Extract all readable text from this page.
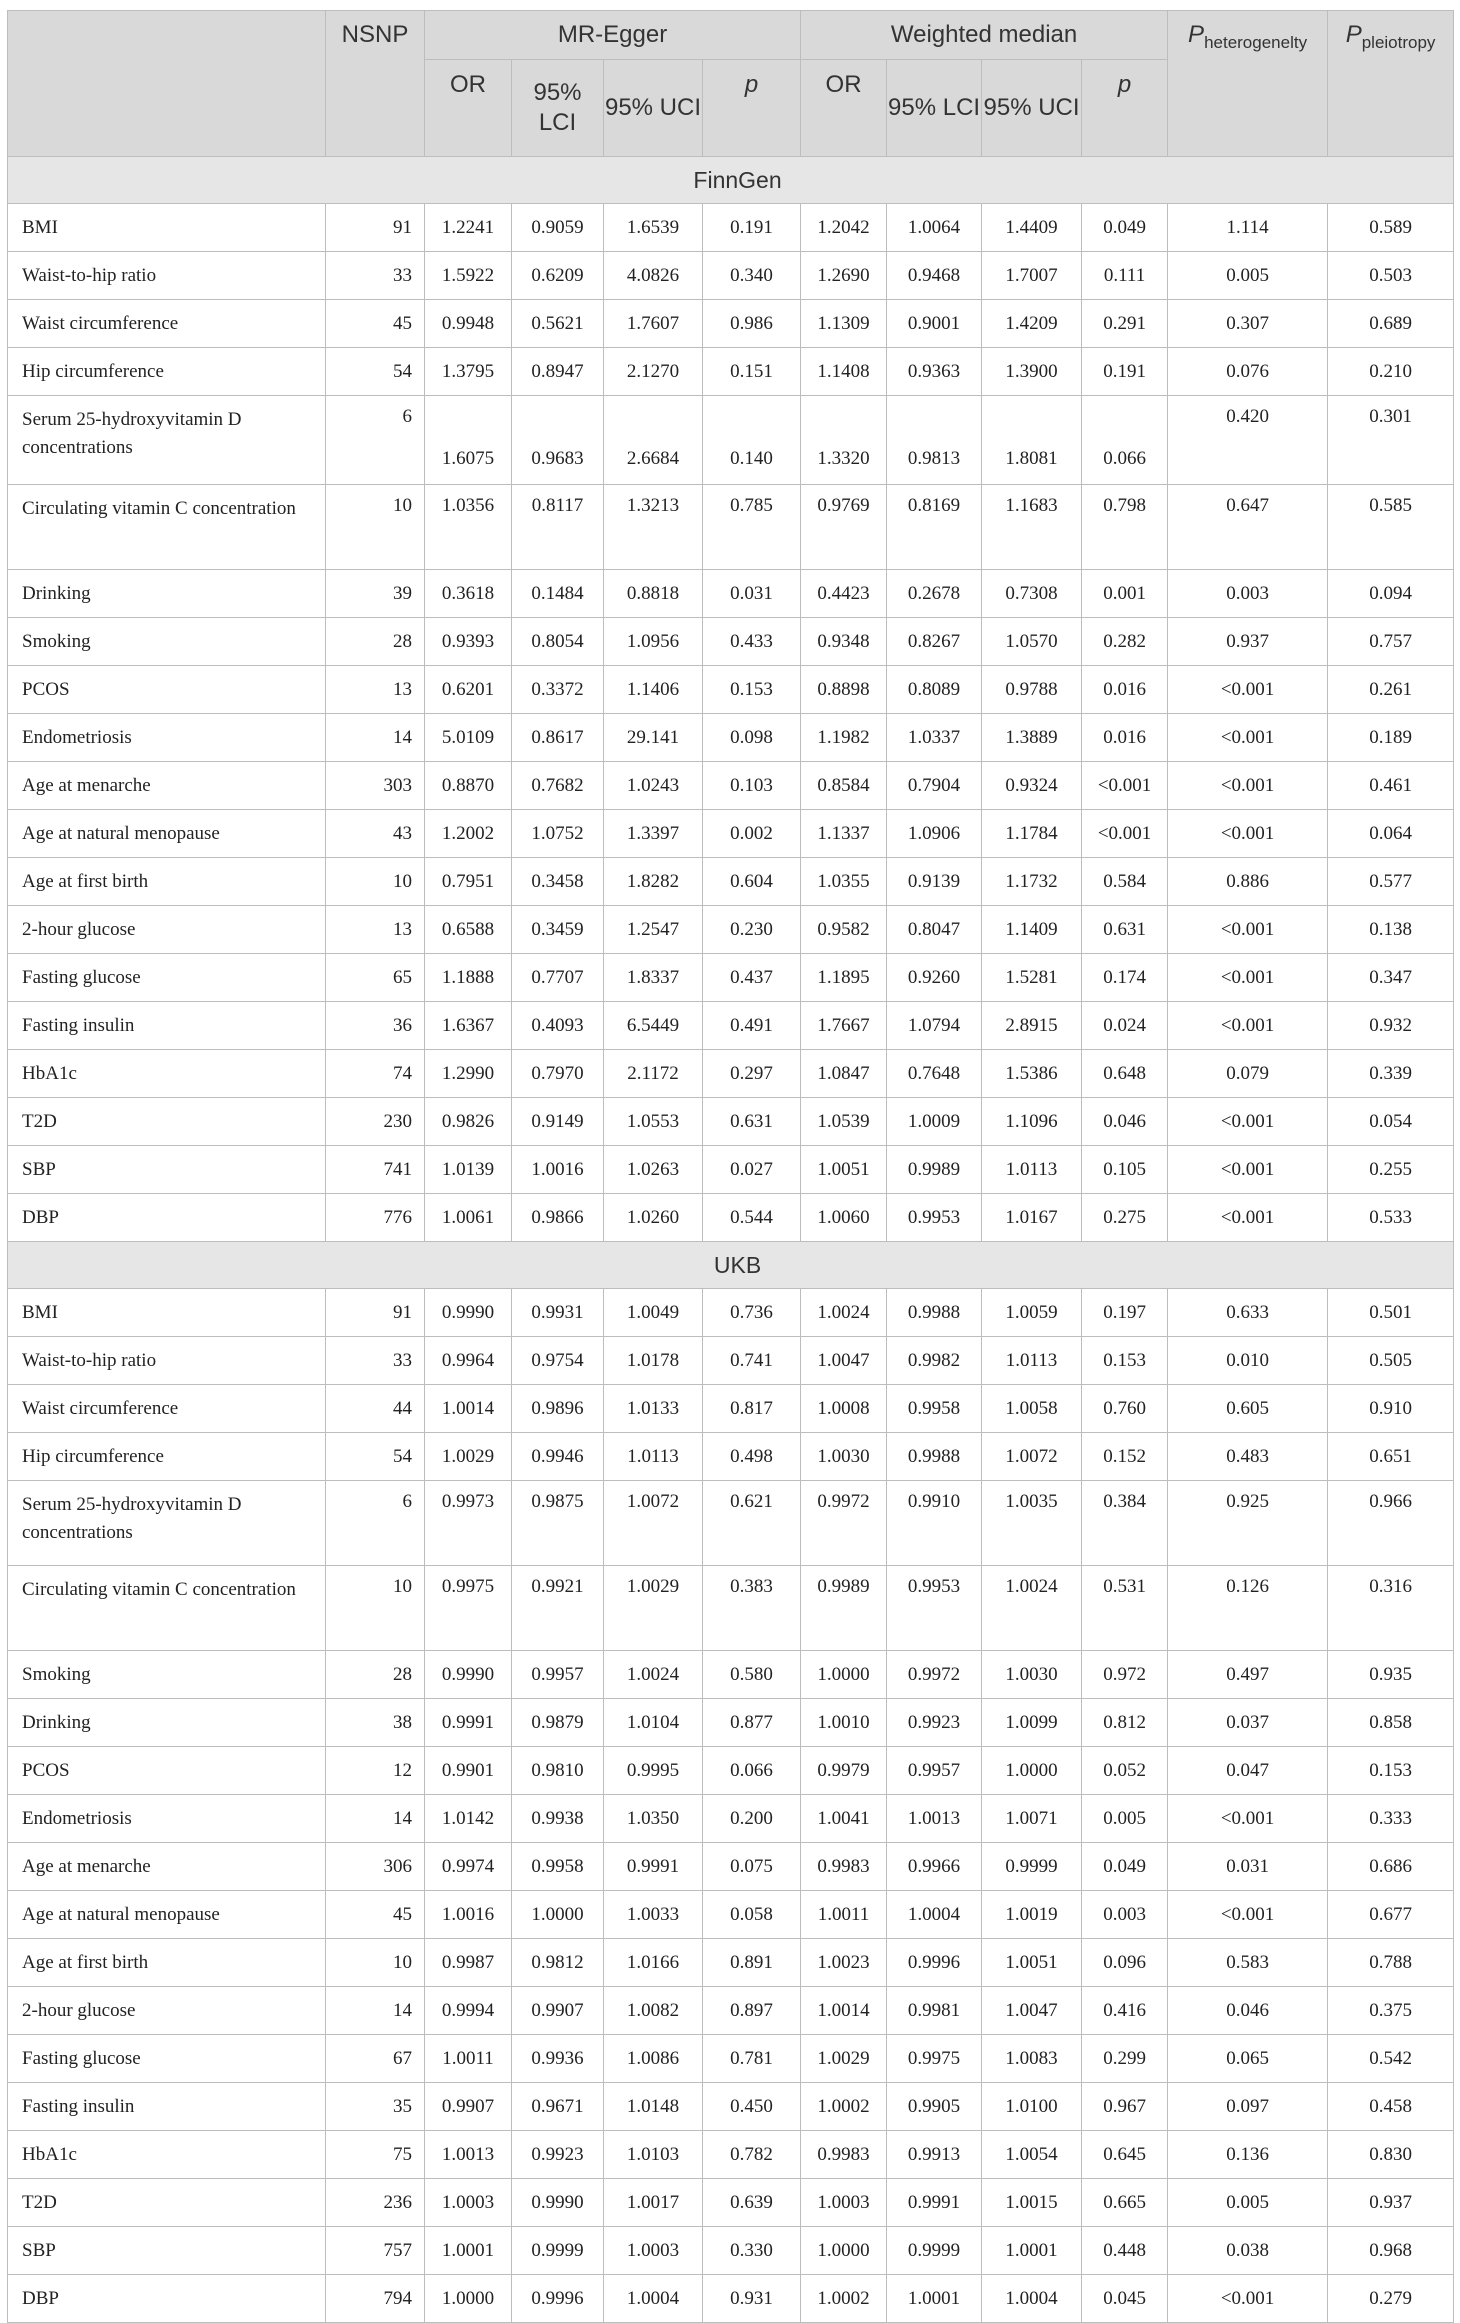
	NSNP	MR-Egger				Weighted median				$P_{heterogenelty}$	$P_{pleiotropy}$
		OR	95% LCI	95% UCI	p	OR	95% LCI	95% UCI	p		
FinnGen											
BMI	91	1.2241	0.9059	1.6539	0.191	1.2042	1.0064	1.4409	0.049	1.114	0.589
Waist-to-hip ratio	33	1.5922	0.6209	4.0826	0.340	1.2690	0.9468	1.7007	0.111	0.005	0.503
Waist circumference	45	0.9948	0.5621	1.7607	0.986	1.1309	0.9001	1.4209	0.291	0.307	0.689
Hip circumference	54	1.3795	0.8947	2.1270	0.151	1.1408	0.9363	1.3900	0.191	0.076	0.210
Serum 25-hydroxyvitamin D concentrations	6	1.6075	0.9683	2.6684	0.140	1.3320	0.9813	1.8081	0.066	0.420	0.301
Circulating vitamin C concentration	10	1.0356	0.8117	1.3213	0.785	0.9769	0.8169	1.1683	0.798	0.647	0.585
Drinking	39	0.3618	0.1484	0.8818	0.031	0.4423	0.2678	0.7308	0.001	0.003	0.094
Smoking	28	0.9393	0.8054	1.0956	0.433	0.9348	0.8267	1.0570	0.282	0.937	0.757
PCOS	13	0.6201	0.3372	1.1406	0.153	0.8898	0.8089	0.9788	0.016	<0.001	0.261
Endometriosis	14	5.0109	0.8617	29.141	0.098	1.1982	1.0337	1.3889	0.016	<0.001	0.189
Age at menarche	303	0.8870	0.7682	1.0243	0.103	0.8584	0.7904	0.9324	<0.001	<0.001	0.461
Age at natural menopause	43	1.2002	1.0752	1.3397	0.002	1.1337	1.0906	1.1784	<0.001	<0.001	0.064
Age at first birth	10	0.7951	0.3458	1.8282	0.604	1.0355	0.9139	1.1732	0.584	0.886	0.577
2-hour glucose	13	0.6588	0.3459	1.2547	0.230	0.9582	0.8047	1.1409	0.631	<0.001	0.138
Fasting glucose	65	1.1888	0.7707	1.8337	0.437	1.1895	0.9260	1.5281	0.174	<0.001	0.347
Fasting insulin	36	1.6367	0.4093	6.5449	0.491	1.7667	1.0794	2.8915	0.024	<0.001	0.932
HbA1c	74	1.2990	0.7970	2.1172	0.297	1.0847	0.7648	1.5386	0.648	0.079	0.339
T2D	230	0.9826	0.9149	1.0553	0.631	1.0539	1.0009	1.1096	0.046	<0.001	0.054
SBP	741	1.0139	1.0016	1.0263	0.027	1.0051	0.9989	1.0113	0.105	<0.001	0.255
DBP	776	1.0061	0.9866	1.0260	0.544	1.0060	0.9953	1.0167	0.275	<0.001	0.533
UKB											
BMI	91	0.9990	0.9931	1.0049	0.736	1.0024	0.9988	1.0059	0.197	0.633	0.501
Waist-to-hip ratio	33	0.9964	0.9754	1.0178	0.741	1.0047	0.9982	1.0113	0.153	0.010	0.505
Waist circumference	44	1.0014	0.9896	1.0133	0.817	1.0008	0.9958	1.0058	0.760	0.605	0.910
Hip circumference	54	1.0029	0.9946	1.0113	0.498	1.0030	0.9988	1.0072	0.152	0.483	0.651
Serum 25-hydroxyvitamin D concentrations	6	0.9973	0.9875	1.0072	0.621	0.9972	0.9910	1.0035	0.384	0.925	0.966
Circulating vitamin C concentration	10	0.9975	0.9921	1.0029	0.383	0.9989	0.9953	1.0024	0.531	0.126	0.316
Smoking	28	0.9990	0.9957	1.0024	0.580	1.0000	0.9972	1.0030	0.972	0.497	0.935
Drinking	38	0.9991	0.9879	1.0104	0.877	1.0010	0.9923	1.0099	0.812	0.037	0.858
PCOS	12	0.9901	0.9810	0.9995	0.066	0.9979	0.9957	1.0000	0.052	0.047	0.153
Endometriosis	14	1.0142	0.9938	1.0350	0.200	1.0041	1.0013	1.0071	0.005	<0.001	0.333
Age at menarche	306	0.9974	0.9958	0.9991	0.075	0.9983	0.9966	0.9999	0.049	0.031	0.686
Age at natural menopause	45	1.0016	1.0000	1.0033	0.058	1.0011	1.0004	1.0019	0.003	<0.001	0.677
Age at first birth	10	0.9987	0.9812	1.0166	0.891	1.0023	0.9996	1.0051	0.096	0.583	0.788
2-hour glucose	14	0.9994	0.9907	1.0082	0.897	1.0014	0.9981	1.0047	0.416	0.046	0.375
Fasting glucose	67	1.0011	0.9936	1.0086	0.781	1.0029	0.9975	1.0083	0.299	0.065	0.542
Fasting insulin	35	0.9907	0.9671	1.0148	0.450	1.0002	0.9905	1.0100	0.967	0.097	0.458
HbA1c	75	1.0013	0.9923	1.0103	0.782	0.9983	0.9913	1.0054	0.645	0.136	0.830
T2D	236	1.0003	0.9990	1.0017	0.639	1.0003	0.9991	1.0015	0.665	0.005	0.937
SBP	757	1.0001	0.9999	1.0003	0.330	1.0000	0.9999	1.0001	0.448	0.038	0.968
DBP	794	1.0000	0.9996	1.0004	0.931	1.0002	1.0001	1.0004	0.045	<0.001	0.279
